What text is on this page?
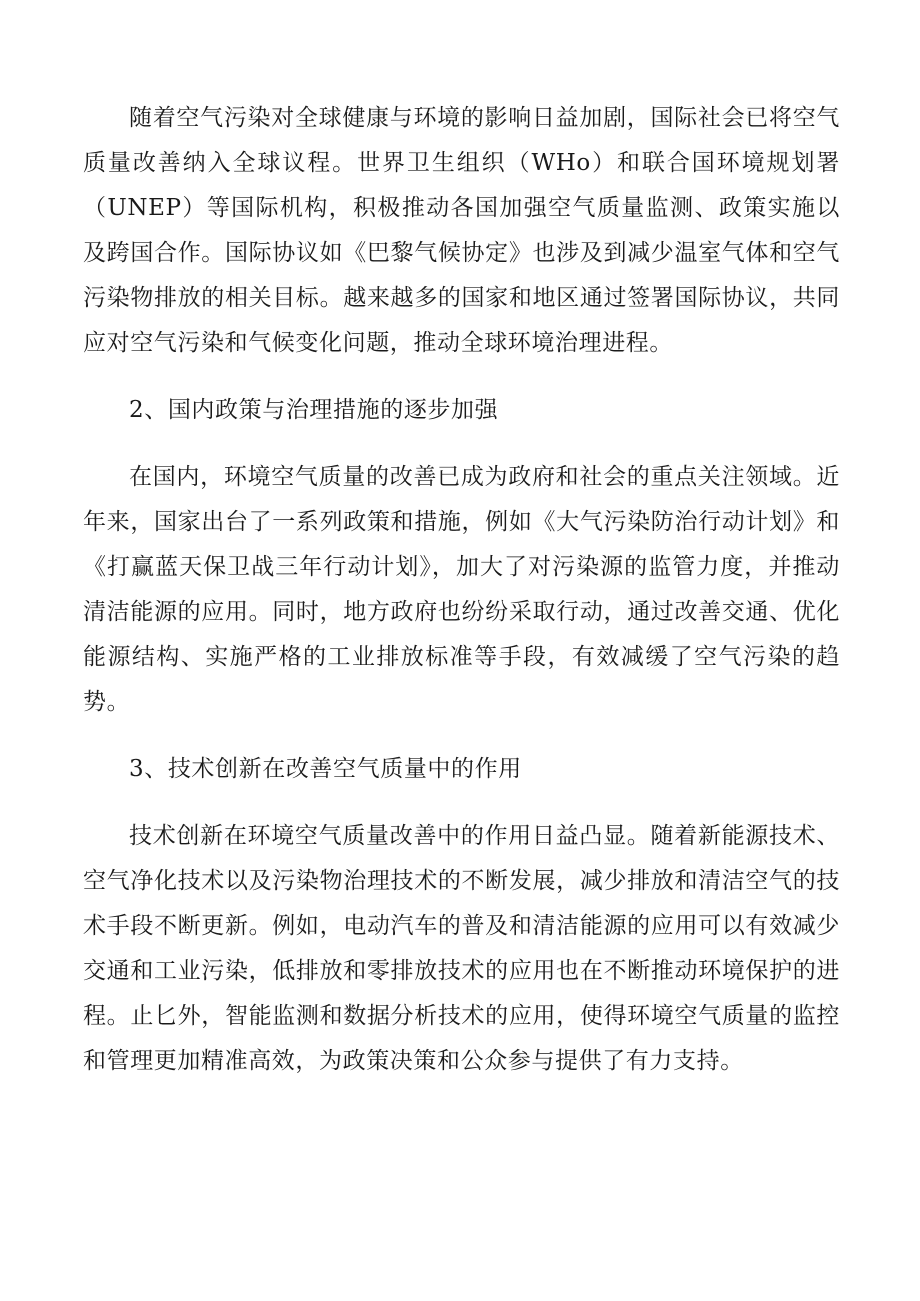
随着空气污染对全球健康与环境的影响日益加剧，国际社会已将空气质量改善纳入全球议程。世界卫生组织（WHo）和联合国环境规划署（UNEP）等国际机构，积极推动各国加强空气质量监测、政策实施以及跨国合作。国际协议如《巴黎气候协定》也涉及到减少温室气体和空气污染物排放的相关目标。越来越多的国家和地区通过签署国际协议，共同应对空气污染和气候变化问题，推动全球环境治理进程。

2、国内政策与治理措施的逐步加强

在国内，环境空气质量的改善已成为政府和社会的重点关注领域。近年来，国家出台了一系列政策和措施，例如《大气污染防治行动计划》和《打赢蓝天保卫战三年行动计划》，加大了对污染源的监管力度，并推动清洁能源的应用。同时，地方政府也纷纷采取行动，通过改善交通、优化能源结构、实施严格的工业排放标准等手段，有效减缓了空气污染的趋势。

3、技术创新在改善空气质量中的作用

技术创新在环境空气质量改善中的作用日益凸显。随着新能源技术、空气净化技术以及污染物治理技术的不断发展，减少排放和清洁空气的技术手段不断更新。例如，电动汽车的普及和清洁能源的应用可以有效减少交通和工业污染，低排放和零排放技术的应用也在不断推动环境保护的进程。止匕外，智能监测和数据分析技术的应用，使得环境空气质量的监控和管理更加精准高效，为政策决策和公众参与提供了有力支持。
